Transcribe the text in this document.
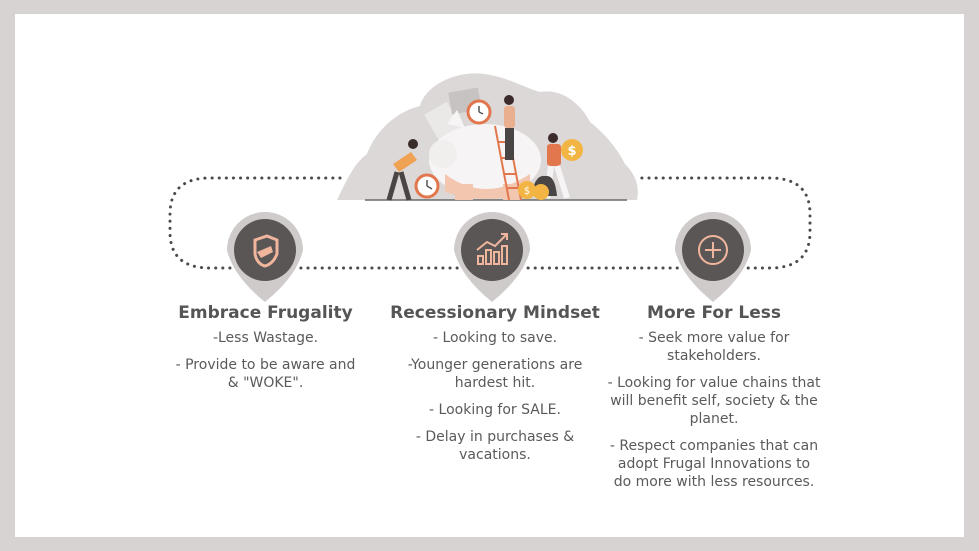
$
$
Embrace Frugality

-Less Wastage.

- Provide to be aware and & "WOKE".

Recessionary Mindset

- Looking to save.

-Younger generations are hardest hit.

- Looking for SALE.

- Delay in purchases & vacations.

More For Less

- Seek more value for stakeholders.

- Looking for value chains that will benefit self, society & the planet.

- Respect companies that can adopt Frugal Innovations to do more with less resources.
